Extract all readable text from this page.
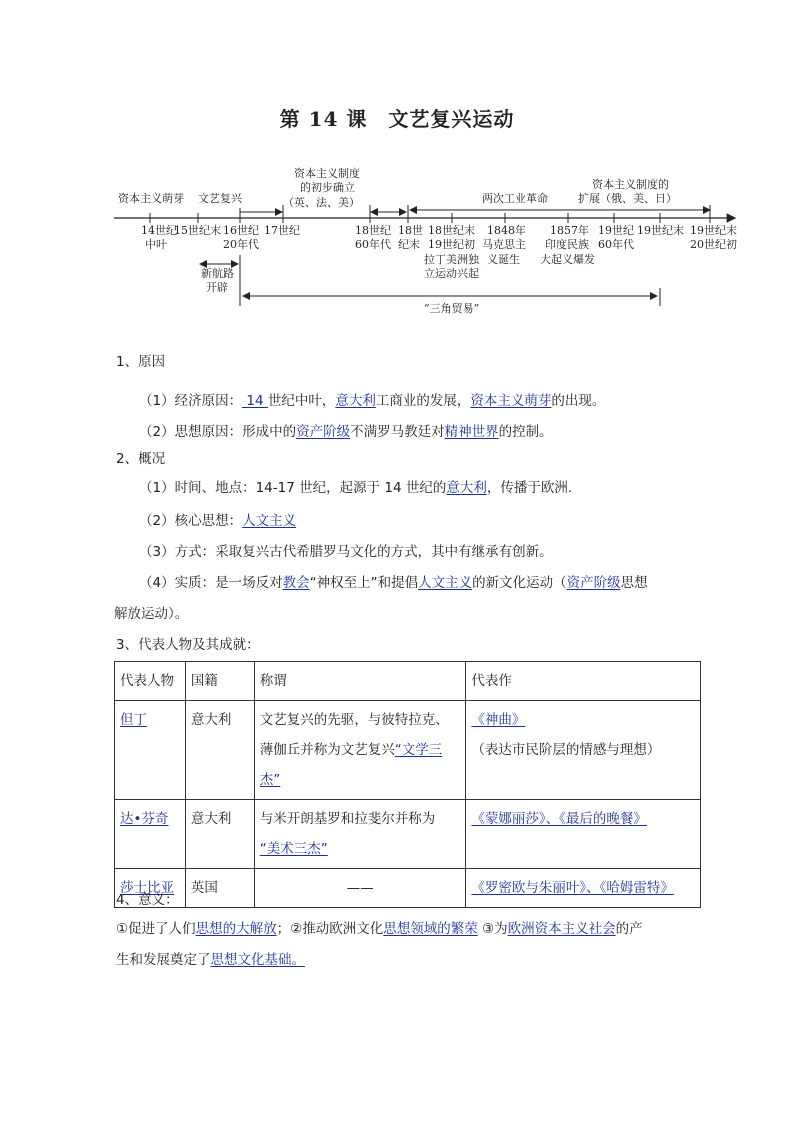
第 14 课　文艺复兴运动
资本主义萌芽 文艺复兴
资本主义制度
的初步确立
（英、法、美）	两次工业革命
资本主义制度的
扩展（俄、美、日）
14世纪
中叶
15世纪末 16世纪
20年代
17世纪	18世纪
60年代
18世
纪末
18世纪末
19世纪初
拉丁美洲独
立运动兴起
1848年
马克思主
义诞生
1857年
印度民族
大起义爆发
19世纪
60年代
19世纪末 19世纪末
20世纪初
新航路
开辟
“三角贸易”
1、原因
（1）经济原因： 14 世纪中叶，意大利工商业的发展，资本主义萌芽的出现。
（2）思想原因：形成中的资产阶级不满罗马教廷对精神世界的控制。
2、概况
（1）时间、地点：14-17 世纪，起源于 14 世纪的意大利，传播于欧洲.
（2）核心思想：人文主义
（3）方式：采取复兴古代希腊罗马文化的方式，其中有继承有创新。
（4）实质：是一场反对教会“神权至上”和提倡人文主义的新文化运动（资产阶级思想
解放运动）。
3、代表人物及其成就：
代表人物	国籍	称谓	代表作
但丁	意大利	文艺复兴的先驱，与彼特拉克、薄伽丘并称为文艺复兴“文学三杰”	《神曲》
（表达市民阶层的情感与理想）
达•芬奇	意大利	与米开朗基罗和拉斐尔并称为
“美术三杰”	《蒙娜丽莎》、《最后的晚餐》
莎士比亚	英国	——	《罗密欧与朱丽叶》、《哈姆雷特》
4、意义：
①促进了人们思想的大解放；②推动欧洲文化思想领域的繁荣 ③为欧洲资本主义社会的产
生和发展奠定了思想文化基础。
